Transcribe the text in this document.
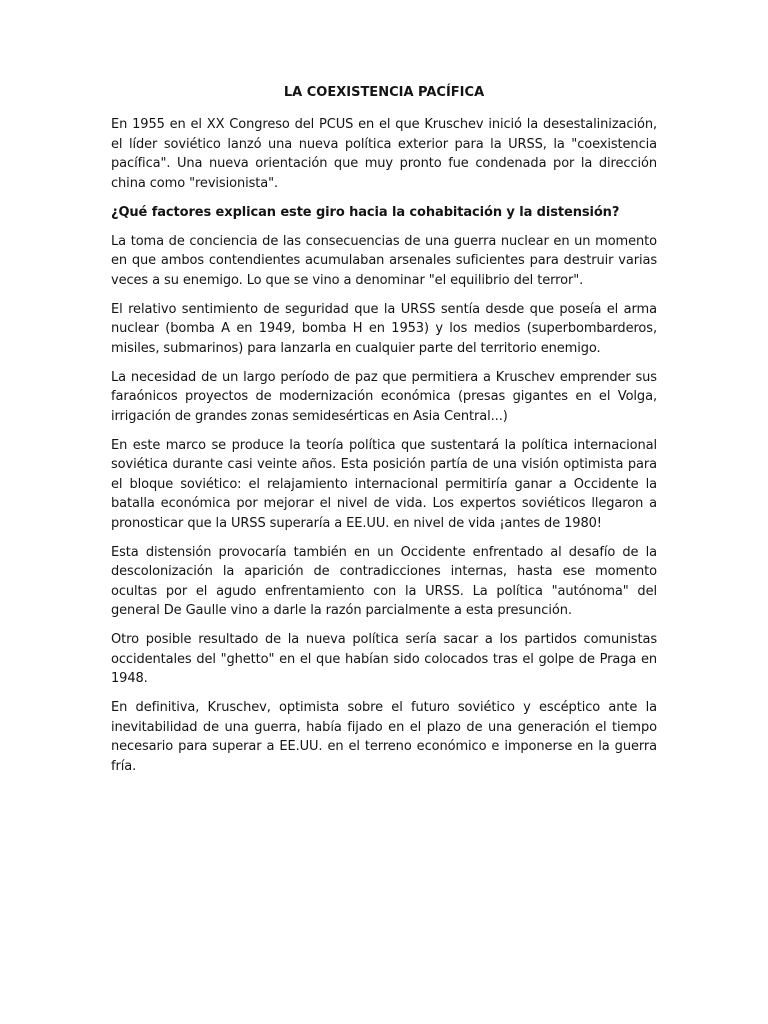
LA COEXISTENCIA PACÍFICA

En 1955 en el XX Congreso del PCUS en el que Kruschev inició la desestalinización, el líder soviético lanzó una nueva política exterior para la URSS, la "coexistencia pacífica". Una nueva orientación que muy pronto fue condenada por la dirección china como "revisionista".

¿Qué factores explican este giro hacia la cohabitación y la distensión?

La toma de conciencia de las consecuencias de una guerra nuclear en un momento en que ambos contendientes acumulaban arsenales suficientes para destruir varias veces a su enemigo. Lo que se vino a denominar "el equilibrio del terror".

El relativo sentimiento de seguridad que la URSS sentía desde que poseía el arma nuclear (bomba A en 1949, bomba H en 1953) y los medios (superbombarderos, misiles, submarinos) para lanzarla en cualquier parte del territorio enemigo.

La necesidad de un largo período de paz que permitiera a Kruschev emprender sus faraónicos proyectos de modernización económica (presas gigantes en el Volga, irrigación de grandes zonas semidesérticas en Asia Central...)

En este marco se produce la teoría política que sustentará la política internacional soviética durante casi veinte años. Esta posición partía de una visión optimista para el bloque soviético: el relajamiento internacional permitiría ganar a Occidente la batalla económica por mejorar el nivel de vida. Los expertos soviéticos llegaron a pronosticar que la URSS superaría a EE.UU. en nivel de vida ¡antes de 1980!

Esta distensión provocaría también en un Occidente enfrentado al desafío de la descolonización la aparición de contradicciones internas, hasta ese momento ocultas por el agudo enfrentamiento con la URSS. La política "autónoma" del general De Gaulle vino a darle la razón parcialmente a esta presunción.

Otro posible resultado de la nueva política sería sacar a los partidos comunistas occidentales del "ghetto" en el que habían sido colocados tras el golpe de Praga en 1948.

En definitiva, Kruschev, optimista sobre el futuro soviético y escéptico ante la inevitabilidad de una guerra, había fijado en el plazo de una generación el tiempo necesario para superar a EE.UU. en el terreno económico e imponerse en la guerra fría.
